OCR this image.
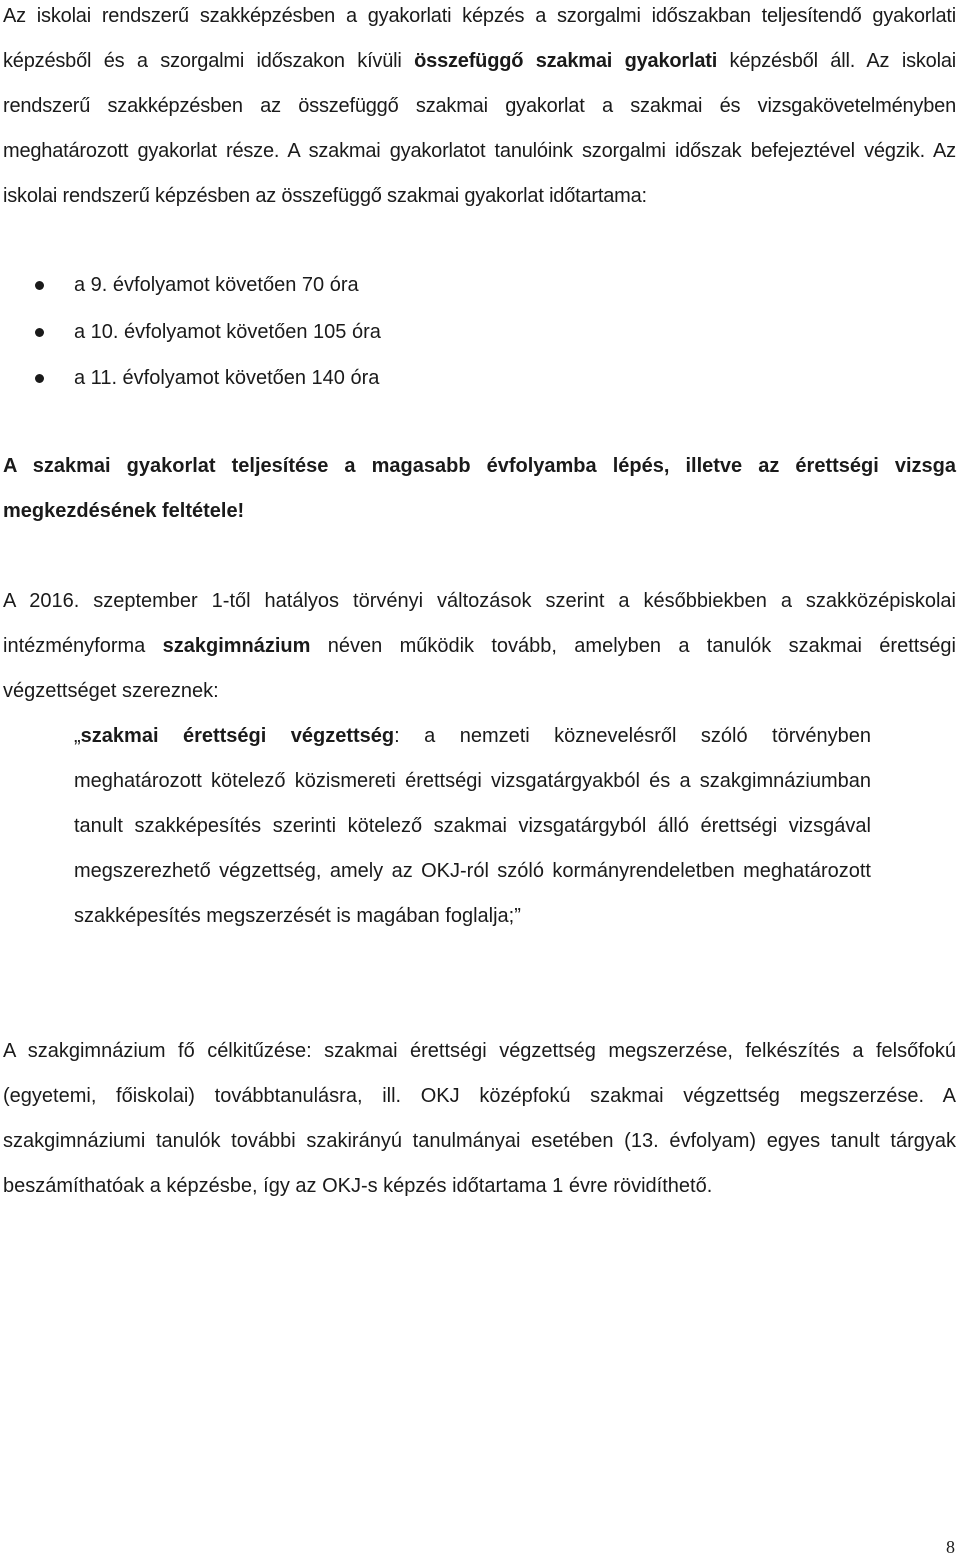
Az iskolai rendszerű szakképzésben a gyakorlati képzés a szorgalmi időszakban teljesítendő gyakorlati képzésből és a szorgalmi időszakon kívüli összefüggő szakmai gyakorlati képzésből áll. Az iskolai rendszerű szakképzésben az összefüggő szakmai gyakorlat a szakmai és vizsgakövetelményben meghatározott gyakorlat része. A szakmai gyakorlatot tanulóink szorgalmi időszak befejeztével végzik. Az iskolai rendszerű képzésben az összefüggő szakmai gyakorlat időtartama:

a 9. évfolyamot követően 70 óra
a 10. évfolyamot követően 105 óra
a 11. évfolyamot követően 140 óra

A szakmai gyakorlat teljesítése a magasabb évfolyamba lépés, illetve az érettségi vizsga megkezdésének feltétele!

A 2016. szeptember 1-től hatályos törvényi változások szerint a későbbiekben a szakközépiskolai intézményforma szakgimnázium néven működik tovább, amelyben a tanulók szakmai érettségi végzettséget szereznek:

„szakmai érettségi végzettség: a nemzeti köznevelésről szóló törvényben meghatározott kötelező közismereti érettségi vizsgatárgyakból és a szakgimnáziumban tanult szakképesítés szerinti kötelező szakmai vizsgatárgyból álló érettségi vizsgával megszerezhető végzettség, amely az OKJ-ról szóló kormányrendeletben meghatározott szakképesítés megszerzését is magában foglalja;”

A szakgimnázium fő célkitűzése: szakmai érettségi végzettség megszerzése, felkészítés a felsőfokú (egyetemi, főiskolai) továbbtanulásra, ill. OKJ középfokú szakmai végzettség megszerzése. A szakgimnáziumi tanulók további szakirányú tanulmányai esetében (13. évfolyam) egyes tanult tárgyak beszámíthatóak a képzésbe, így az OKJ-s képzés időtartama 1 évre rövidíthető.

8
